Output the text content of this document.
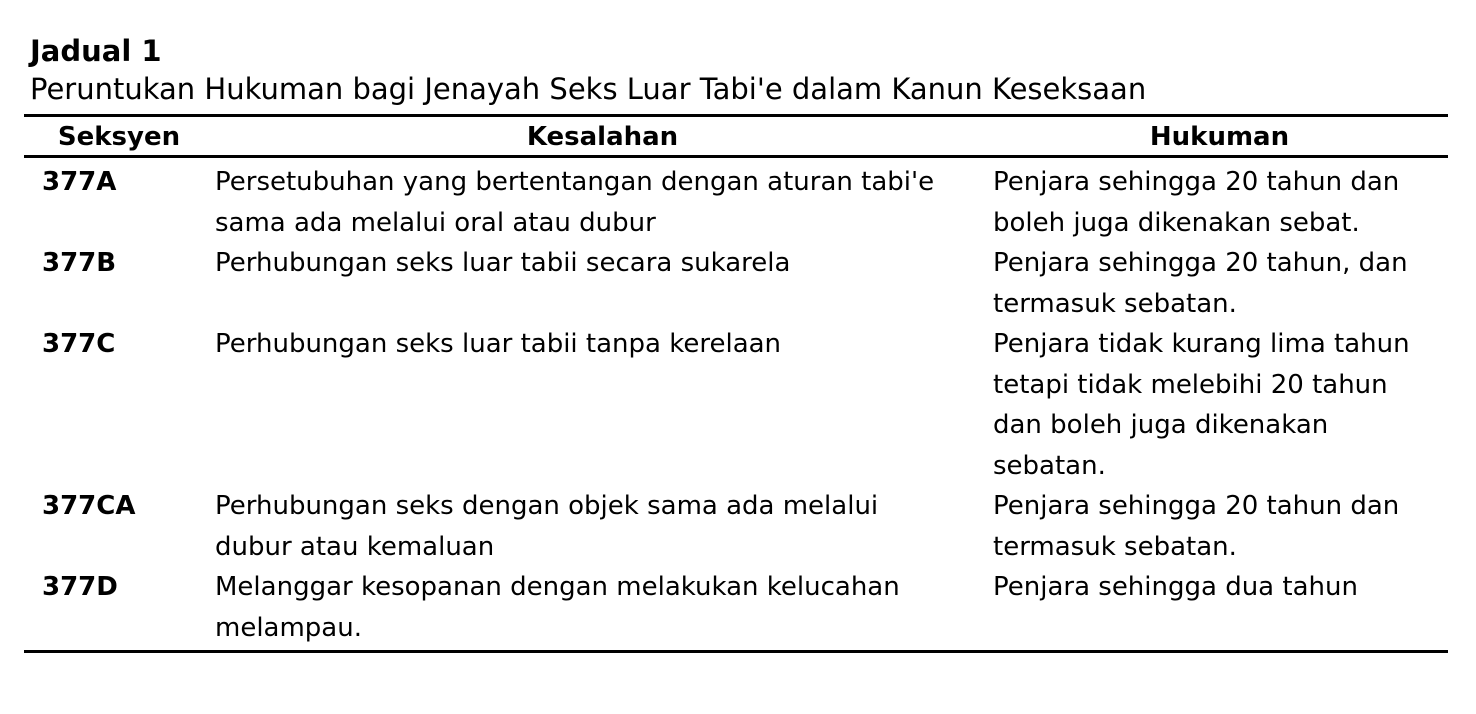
Jadual 1
Peruntukan Hukuman bagi Jenayah Seks Luar Tabi'e dalam Kanun Keseksaan
Seksyen	Kesalahan	Hukuman
377A	Persetubuhan yang bertentangan dengan aturan tabi'e sama ada melalui oral atau dubur	Penjara sehingga 20 tahun dan boleh juga dikenakan sebat.
377B	Perhubungan seks luar tabii secara sukarela	Penjara sehingga 20 tahun, dan termasuk sebatan.
377C	Perhubungan seks luar tabii tanpa kerelaan	Penjara tidak kurang lima tahun tetapi tidak melebihi 20 tahun dan boleh juga dikenakan sebatan.
377CA	Perhubungan seks dengan objek sama ada melalui dubur atau kemaluan	Penjara sehingga 20 tahun dan termasuk sebatan.
377D	Melanggar kesopanan dengan melakukan kelucahan melampau.	Penjara sehingga dua tahun
